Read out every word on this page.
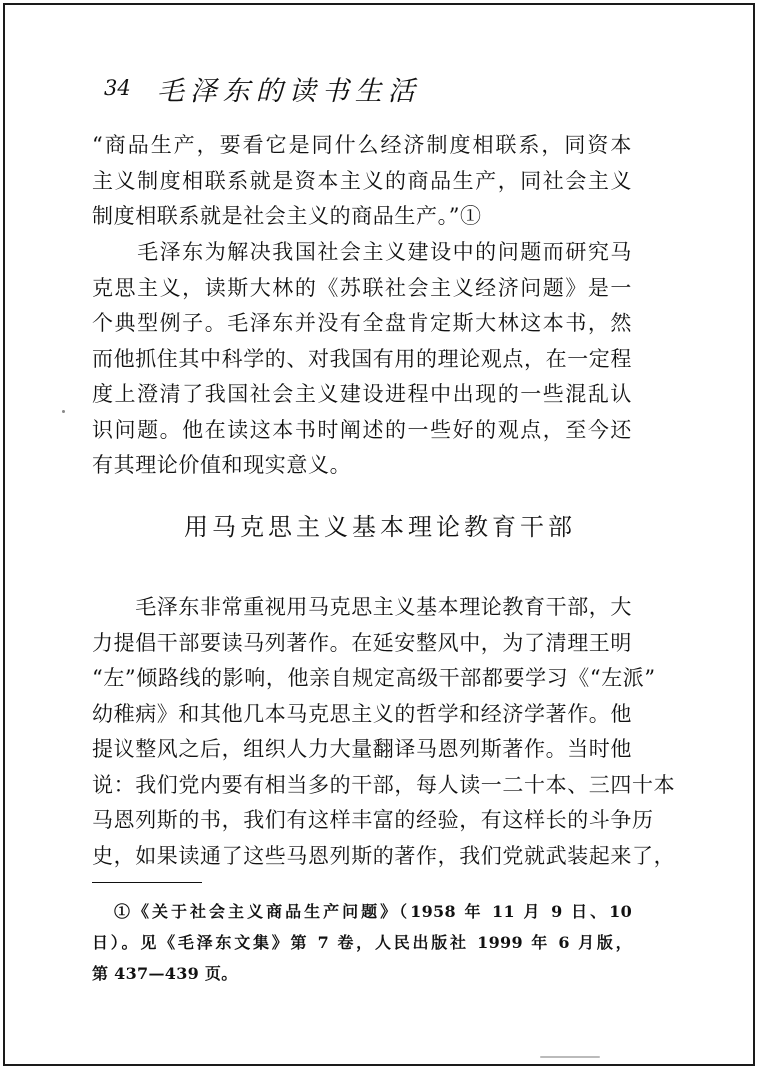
34 毛泽东的读书生活
“商品生产，要看它是同什么经济制度相联系，同资本
主义制度相联系就是资本主义的商品生产，同社会主义
制度相联系就是社会主义的商品生产。”①
　　毛泽东为解决我国社会主义建设中的问题而研究马
克思主义，读斯大林的《苏联社会主义经济问题》是一
个典型例子。毛泽东并没有全盘肯定斯大林这本书，然
而他抓住其中科学的、对我国有用的理论观点，在一定程
度上澄清了我国社会主义建设进程中出现的一些混乱认
识问题。他在读这本书时阐述的一些好的观点，至今还
有其理论价值和现实意义。
用马克思主义基本理论教育干部
　　毛泽东非常重视用马克思主义基本理论教育干部，大
力提倡干部要读马列著作。在延安整风中，为了清理王明
“左”倾路线的影响，他亲自规定高级干部都要学习《“左派”
幼稚病》和其他几本马克思主义的哲学和经济学著作。他
提议整风之后，组织人力大量翻译马恩列斯著作。当时他
说：我们党内要有相当多的干部，每人读一二十本、三四十本
马恩列斯的书，我们有这样丰富的经验，有这样长的斗争历
史，如果读通了这些马恩列斯的著作，我们党就武装起来了，
①《关于社会主义商品生产问题》（1958 年 11 月 9 日、10
日）。见《毛泽东文集》第 7 卷，人民出版社 1999 年 6 月版，
第 437—439 页。
